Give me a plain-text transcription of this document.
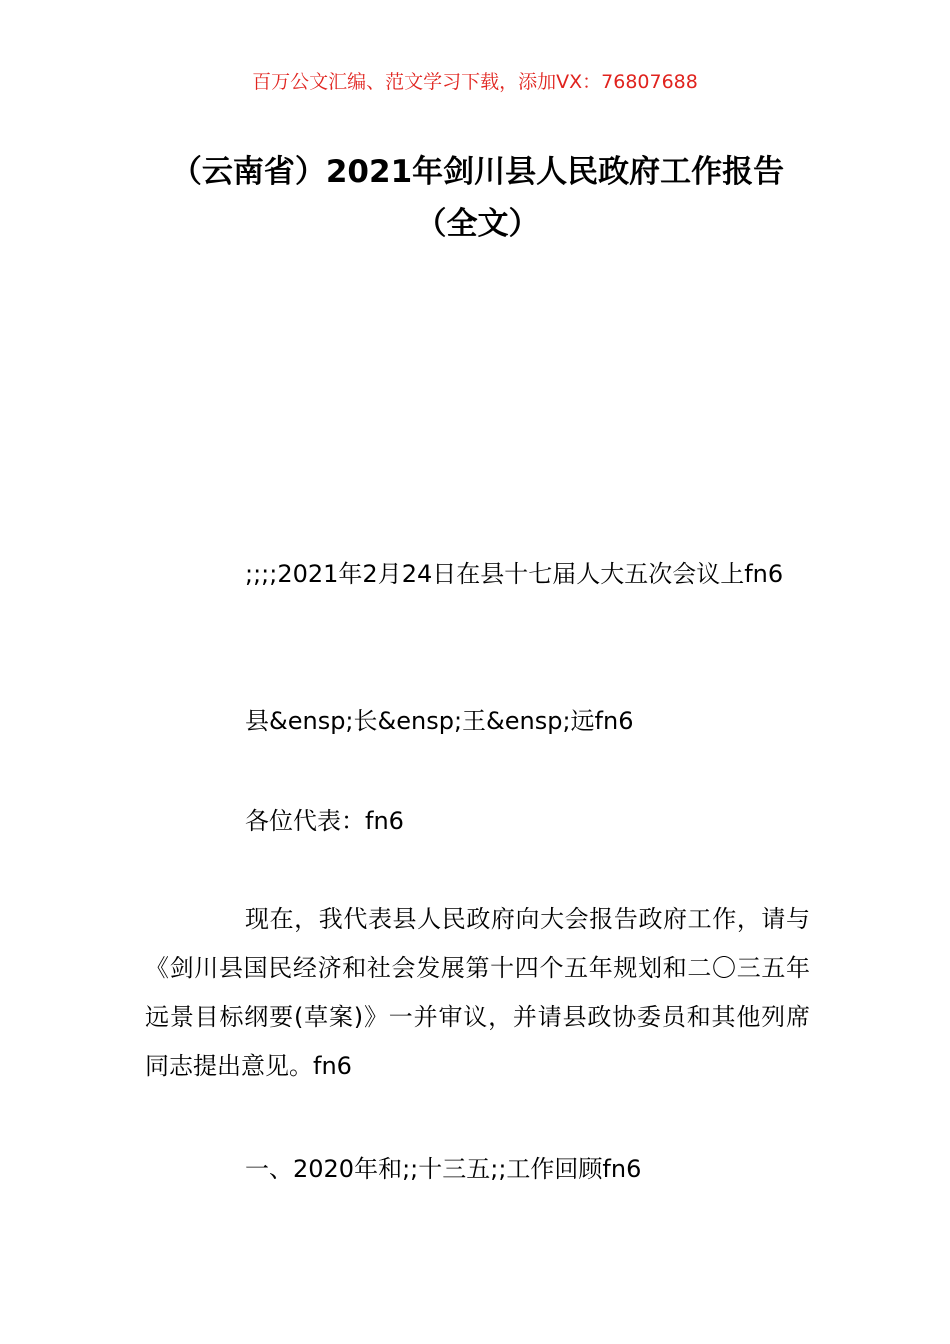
百万公文汇编、范文学习下载，添加VX：76807688
（云南省）2021年剑川县人民政府工作报告（全文）

;;;;2021年2月24日在县十七届人大五次会议上fn6

县&ensp;长&ensp;王&ensp;远fn6

各位代表：fn6

现在，我代表县人民政府向大会报告政府工作，请与《剑川县国民经济和社会发展第十四个五年规划和二〇三五年远景目标纲要(草案)》一并审议，并请县政协委员和其他列席同志提出意见。fn6

一、2020年和;;十三五;;工作回顾fn6
